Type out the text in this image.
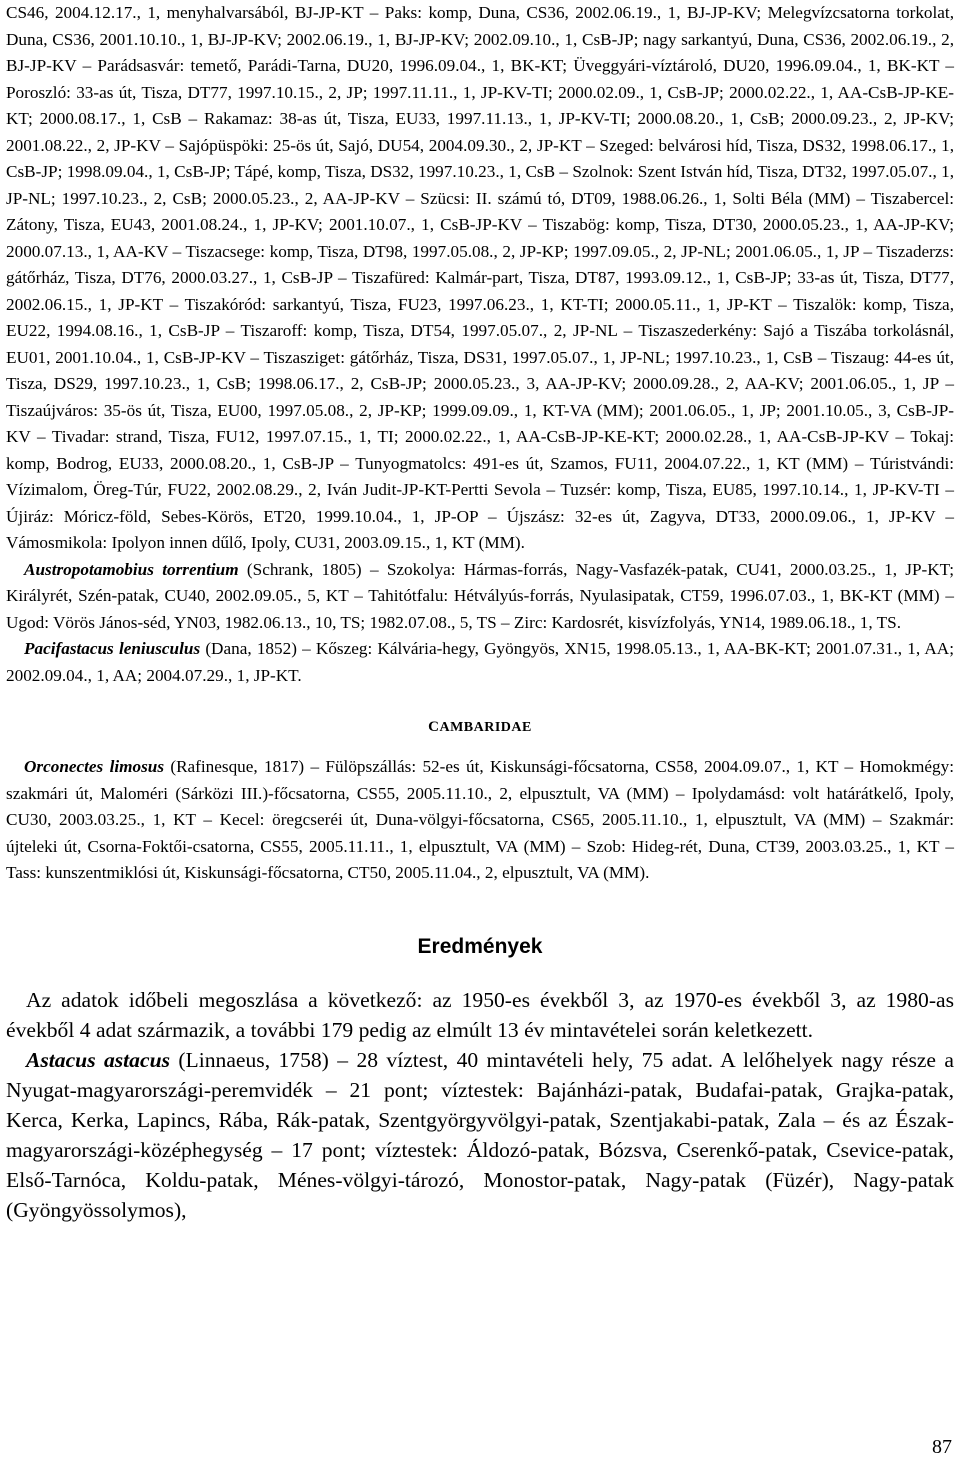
CS46, 2004.12.17., 1, menyhalvarsából, BJ-JP-KT – Paks: komp, Duna, CS36, 2002.06.19., 1, BJ-JP-KV; Melegvízcsatorna torkolat, Duna, CS36, 2001.10.10., 1, BJ-JP-KV; 2002.06.19., 1, BJ-JP-KV; 2002.09.10., 1, CsB-JP; nagy sarkantyú, Duna, CS36, 2002.06.19., 2, BJ-JP-KV – Parádsasvár: temető, Parádi-Tarna, DU20, 1996.09.04., 1, BK-KT; Üveggyári-víztároló, DU20, 1996.09.04., 1, BK-KT – Poroszló: 33-as út, Tisza, DT77, 1997.10.15., 2, JP; 1997.11.11., 1, JP-KV-TI; 2000.02.09., 1, CsB-JP; 2000.02.22., 1, AA-CsB-JP-KE-KT; 2000.08.17., 1, CsB – Rakamaz: 38-as út, Tisza, EU33, 1997.11.13., 1, JP-KV-TI; 2000.08.20., 1, CsB; 2000.09.23., 2, JP-KV; 2001.08.22., 2, JP-KV – Sajópüspöki: 25-ös út, Sajó, DU54, 2004.09.30., 2, JP-KT – Szeged: belvárosi híd, Tisza, DS32, 1998.06.17., 1, CsB-JP; 1998.09.04., 1, CsB-JP; Tápé, komp, Tisza, DS32, 1997.10.23., 1, CsB – Szolnok: Szent István híd, Tisza, DT32, 1997.05.07., 1, JP-NL; 1997.10.23., 2, CsB; 2000.05.23., 2, AA-JP-KV – Szücsi: II. számú tó, DT09, 1988.06.26., 1, Solti Béla (MM) – Tiszabercel: Zátony, Tisza, EU43, 2001.08.24., 1, JP-KV; 2001.10.07., 1, CsB-JP-KV – Tiszabög: komp, Tisza, DT30, 2000.05.23., 1, AA-JP-KV; 2000.07.13., 1, AA-KV – Tiszacsege: komp, Tisza, DT98, 1997.05.08., 2, JP-KP; 1997.09.05., 2, JP-NL; 2001.06.05., 1, JP – Tiszaderzs: gátőrház, Tisza, DT76, 2000.03.27., 1, CsB-JP – Tiszafüred: Kalmár-part, Tisza, DT87, 1993.09.12., 1, CsB-JP; 33-as út, Tisza, DT77, 2002.06.15., 1, JP-KT – Tiszakóród: sarkantyú, Tisza, FU23, 1997.06.23., 1, KT-TI; 2000.05.11., 1, JP-KT – Tiszalök: komp, Tisza, EU22, 1994.08.16., 1, CsB-JP – Tiszaroff: komp, Tisza, DT54, 1997.05.07., 2, JP-NL – Tiszaszederkény: Sajó a Tiszába torkolásnál, EU01, 2001.10.04., 1, CsB-JP-KV – Tiszasziget: gátőrház, Tisza, DS31, 1997.05.07., 1, JP-NL; 1997.10.23., 1, CsB – Tiszaug: 44-es út, Tisza, DS29, 1997.10.23., 1, CsB; 1998.06.17., 2, CsB-JP; 2000.05.23., 3, AA-JP-KV; 2000.09.28., 2, AA-KV; 2001.06.05., 1, JP – Tiszaújváros: 35-ös út, Tisza, EU00, 1997.05.08., 2, JP-KP; 1999.09.09., 1, KT-VA (MM); 2001.06.05., 1, JP; 2001.10.05., 3, CsB-JP-KV – Tivadar: strand, Tisza, FU12, 1997.07.15., 1, TI; 2000.02.22., 1, AA-CsB-JP-KE-KT; 2000.02.28., 1, AA-CsB-JP-KV – Tokaj: komp, Bodrog, EU33, 2000.08.20., 1, CsB-JP – Tunyogmatolcs: 491-es út, Szamos, FU11, 2004.07.22., 1, KT (MM) – Túristvándi: Vízimalom, Öreg-Túr, FU22, 2002.08.29., 2, Iván Judit-JP-KT-Pertti Sevola – Tuzsér: komp, Tisza, EU85, 1997.10.14., 1, JP-KV-TI – Újiráz: Móricz-föld, Sebes-Körös, ET20, 1999.10.04., 1, JP-OP – Újszász: 32-es út, Zagyva, DT33, 2000.09.06., 1, JP-KV – Vámosmikola: Ipolyon innen dűlő, Ipoly, CU31, 2003.09.15., 1, KT (MM).

Austropotamobius torrentium (Schrank, 1805) – Szokolya: Hármas-forrás, Nagy-Vasfazék-patak, CU41, 2000.03.25., 1, JP-KT; Királyrét, Szén-patak, CU40, 2002.09.05., 5, KT – Tahitótfalu: Hétvályús-forrás, Nyulasipatak, CT59, 1996.07.03., 1, BK-KT (MM) – Ugod: Vörös János-séd, YN03, 1982.06.13., 10, TS; 1982.07.08., 5, TS – Zirc: Kardosrét, kisvízfolyás, YN14, 1989.06.18., 1, TS.

Pacifastacus leniusculus (Dana, 1852) – Kőszeg: Kálvária-hegy, Gyöngyös, XN15, 1998.05.13., 1, AA-BK-KT; 2001.07.31., 1, AA; 2002.09.04., 1, AA; 2004.07.29., 1, JP-KT.

CAMBARIDAE

Orconectes limosus (Rafinesque, 1817) – Fülöpszállás: 52-es út, Kiskunsági-főcsatorna, CS58, 2004.09.07., 1, KT – Homokmégy: szakmári út, Maloméri (Sárközi III.)-főcsatorna, CS55, 2005.11.10., 2, elpusztult, VA (MM) – Ipolydamásd: volt határátkelő, Ipoly, CU30, 2003.03.25., 1, KT – Kecel: öregcseréi út, Duna-völgyi-főcsatorna, CS65, 2005.11.10., 1, elpusztult, VA (MM) – Szakmár: újteleki út, Csorna-Foktői-csatorna, CS55, 2005.11.11., 1, elpusztult, VA (MM) – Szob: Hideg-rét, Duna, CT39, 2003.03.25., 1, KT – Tass: kunszentmiklósi út, Kiskunsági-főcsatorna, CT50, 2005.11.04., 2, elpusztult, VA (MM).

Eredmények

Az adatok időbeli megoszlása a következő: az 1950-es évekből 3, az 1970-es évekből 3, az 1980-as évekből 4 adat származik, a további 179 pedig az elmúlt 13 év mintavételei során keletkezett.

Astacus astacus (Linnaeus, 1758) – 28 víztest, 40 mintavételi hely, 75 adat. A lelőhelyek nagy része a Nyugat-magyarországi-peremvidék – 21 pont; víztestek: Bajánházi-patak, Budafai-patak, Grajka-patak, Kerca, Kerka, Lapincs, Rába, Rák-patak, Szentgyörgyvölgyi-patak, Szentjakabi-patak, Zala – és az Észak-magyarországi-középhegység – 17 pont; víztestek: Áldozó-patak, Bózsva, Cserenkő-patak, Csevice-patak, Első-Tarnóca, Koldu-patak, Ménes-völgyi-tározó, Monostor-patak, Nagy-patak (Füzér), Nagy-patak (Gyöngyössolymos),

87
